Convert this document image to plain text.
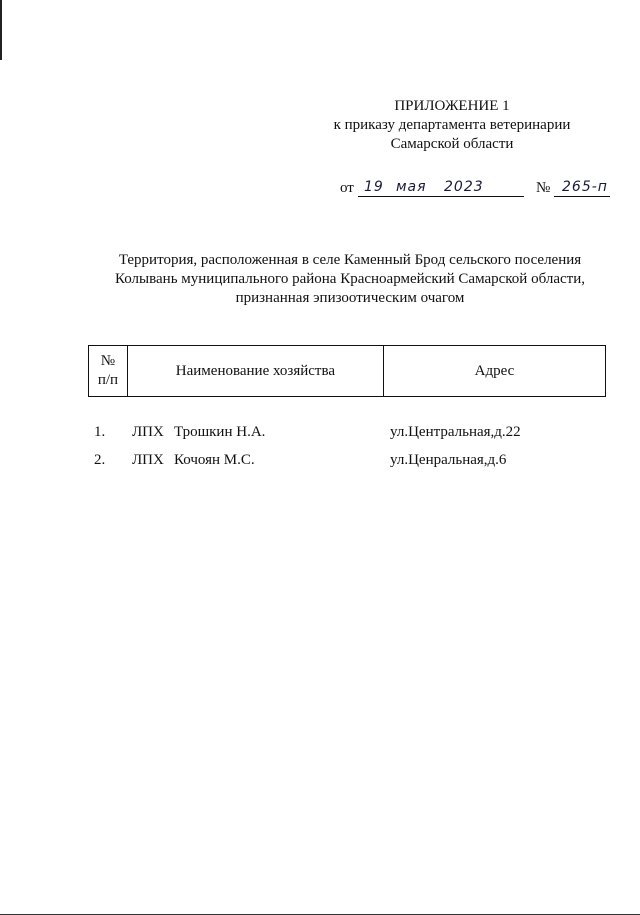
ПРИЛОЖЕНИЕ 1
к приказу департамента ветеринарии
Самарской области
от 19 мая 2023	№ 265-п
Территория, расположенная в селе Каменный Брод сельского поселения
Колывань муниципального района Красноармейский Самарской области,
признанная эпизоотическим очагом
№
п/п	Наименование хозяйства	Адрес
1. ЛПХ Трошкин Н.А.	ул.Центральная,д.22
2. ЛПХ Кочоян М.С.	ул.Ценральная,д.6
